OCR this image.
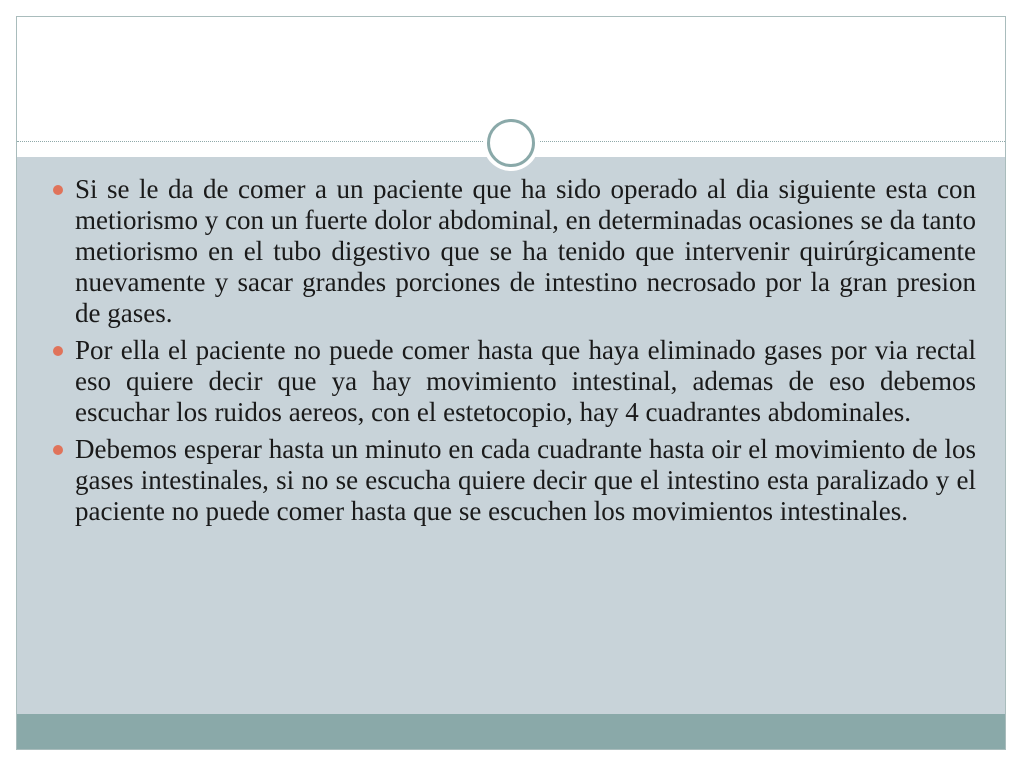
Si se le da de comer a un paciente que ha sido operado al dia siguiente esta con metiorismo y con un fuerte dolor abdominal, en determinadas ocasiones se da tanto metiorismo en el tubo digestivo que se ha tenido que intervenir quirúrgicamente nuevamente y sacar grandes porciones de intestino necrosado por la gran presion de gases.
Por ella el paciente no puede comer hasta que haya eliminado gases por via rectal eso quiere decir que ya hay movimiento intestinal, ademas de eso debemos escuchar los ruidos aereos, con el estetocopio, hay 4 cuadrantes abdominales.
Debemos esperar hasta un minuto en cada cuadrante hasta oir el movimiento de los gases intestinales, si no se escucha quiere decir que el intestino esta paralizado y el paciente no puede comer hasta que se escuchen los movimientos intestinales.
